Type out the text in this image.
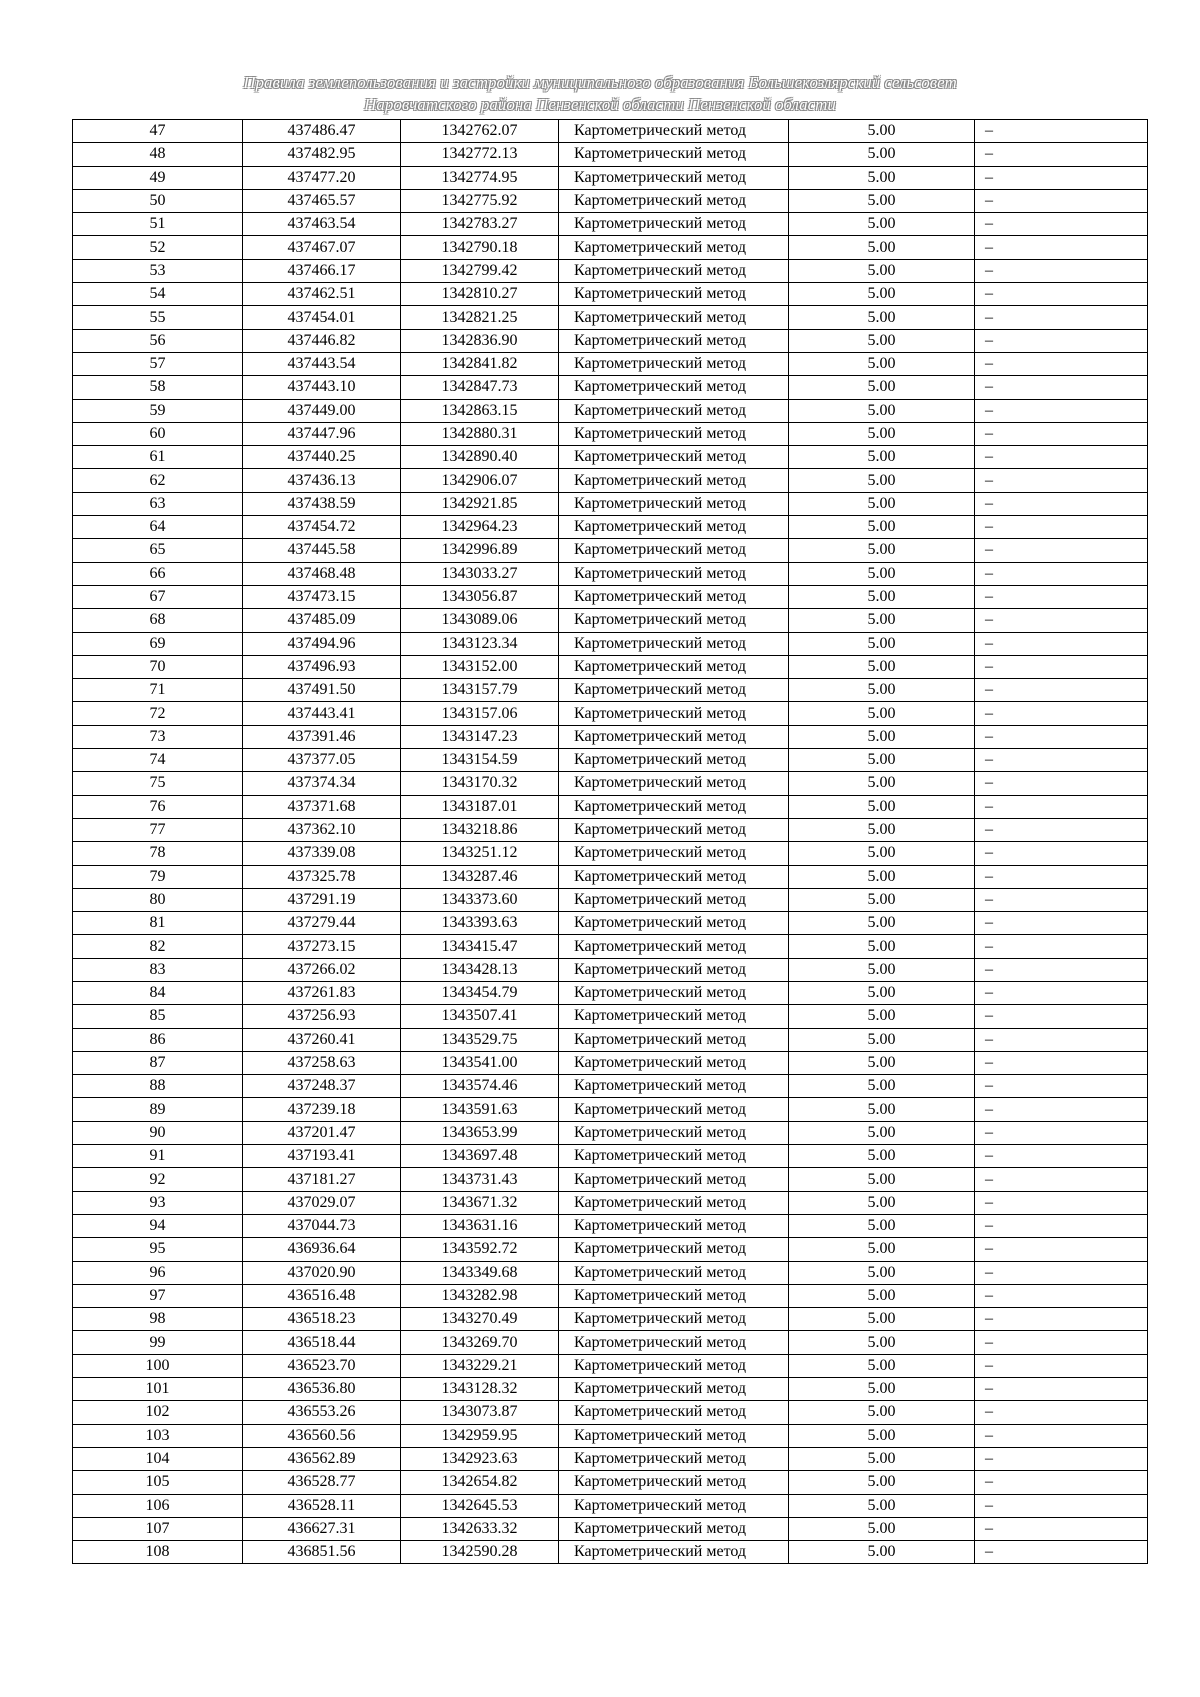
Правила землепользования и застройки муниципального образования Большекозлярский сельсовет
Наровчатского района Пензенской области Пензенской области
47	437486.47	1342762.07	Картометрический метод	5.00	–
48	437482.95	1342772.13	Картометрический метод	5.00	–
49	437477.20	1342774.95	Картометрический метод	5.00	–
50	437465.57	1342775.92	Картометрический метод	5.00	–
51	437463.54	1342783.27	Картометрический метод	5.00	–
52	437467.07	1342790.18	Картометрический метод	5.00	–
53	437466.17	1342799.42	Картометрический метод	5.00	–
54	437462.51	1342810.27	Картометрический метод	5.00	–
55	437454.01	1342821.25	Картометрический метод	5.00	–
56	437446.82	1342836.90	Картометрический метод	5.00	–
57	437443.54	1342841.82	Картометрический метод	5.00	–
58	437443.10	1342847.73	Картометрический метод	5.00	–
59	437449.00	1342863.15	Картометрический метод	5.00	–
60	437447.96	1342880.31	Картометрический метод	5.00	–
61	437440.25	1342890.40	Картометрический метод	5.00	–
62	437436.13	1342906.07	Картометрический метод	5.00	–
63	437438.59	1342921.85	Картометрический метод	5.00	–
64	437454.72	1342964.23	Картометрический метод	5.00	–
65	437445.58	1342996.89	Картометрический метод	5.00	–
66	437468.48	1343033.27	Картометрический метод	5.00	–
67	437473.15	1343056.87	Картометрический метод	5.00	–
68	437485.09	1343089.06	Картометрический метод	5.00	–
69	437494.96	1343123.34	Картометрический метод	5.00	–
70	437496.93	1343152.00	Картометрический метод	5.00	–
71	437491.50	1343157.79	Картометрический метод	5.00	–
72	437443.41	1343157.06	Картометрический метод	5.00	–
73	437391.46	1343147.23	Картометрический метод	5.00	–
74	437377.05	1343154.59	Картометрический метод	5.00	–
75	437374.34	1343170.32	Картометрический метод	5.00	–
76	437371.68	1343187.01	Картометрический метод	5.00	–
77	437362.10	1343218.86	Картометрический метод	5.00	–
78	437339.08	1343251.12	Картометрический метод	5.00	–
79	437325.78	1343287.46	Картометрический метод	5.00	–
80	437291.19	1343373.60	Картометрический метод	5.00	–
81	437279.44	1343393.63	Картометрический метод	5.00	–
82	437273.15	1343415.47	Картометрический метод	5.00	–
83	437266.02	1343428.13	Картометрический метод	5.00	–
84	437261.83	1343454.79	Картометрический метод	5.00	–
85	437256.93	1343507.41	Картометрический метод	5.00	–
86	437260.41	1343529.75	Картометрический метод	5.00	–
87	437258.63	1343541.00	Картометрический метод	5.00	–
88	437248.37	1343574.46	Картометрический метод	5.00	–
89	437239.18	1343591.63	Картометрический метод	5.00	–
90	437201.47	1343653.99	Картометрический метод	5.00	–
91	437193.41	1343697.48	Картометрический метод	5.00	–
92	437181.27	1343731.43	Картометрический метод	5.00	–
93	437029.07	1343671.32	Картометрический метод	5.00	–
94	437044.73	1343631.16	Картометрический метод	5.00	–
95	436936.64	1343592.72	Картометрический метод	5.00	–
96	437020.90	1343349.68	Картометрический метод	5.00	–
97	436516.48	1343282.98	Картометрический метод	5.00	–
98	436518.23	1343270.49	Картометрический метод	5.00	–
99	436518.44	1343269.70	Картометрический метод	5.00	–
100	436523.70	1343229.21	Картометрический метод	5.00	–
101	436536.80	1343128.32	Картометрический метод	5.00	–
102	436553.26	1343073.87	Картометрический метод	5.00	–
103	436560.56	1342959.95	Картометрический метод	5.00	–
104	436562.89	1342923.63	Картометрический метод	5.00	–
105	436528.77	1342654.82	Картометрический метод	5.00	–
106	436528.11	1342645.53	Картометрический метод	5.00	–
107	436627.31	1342633.32	Картометрический метод	5.00	–
108	436851.56	1342590.28	Картометрический метод	5.00	–
